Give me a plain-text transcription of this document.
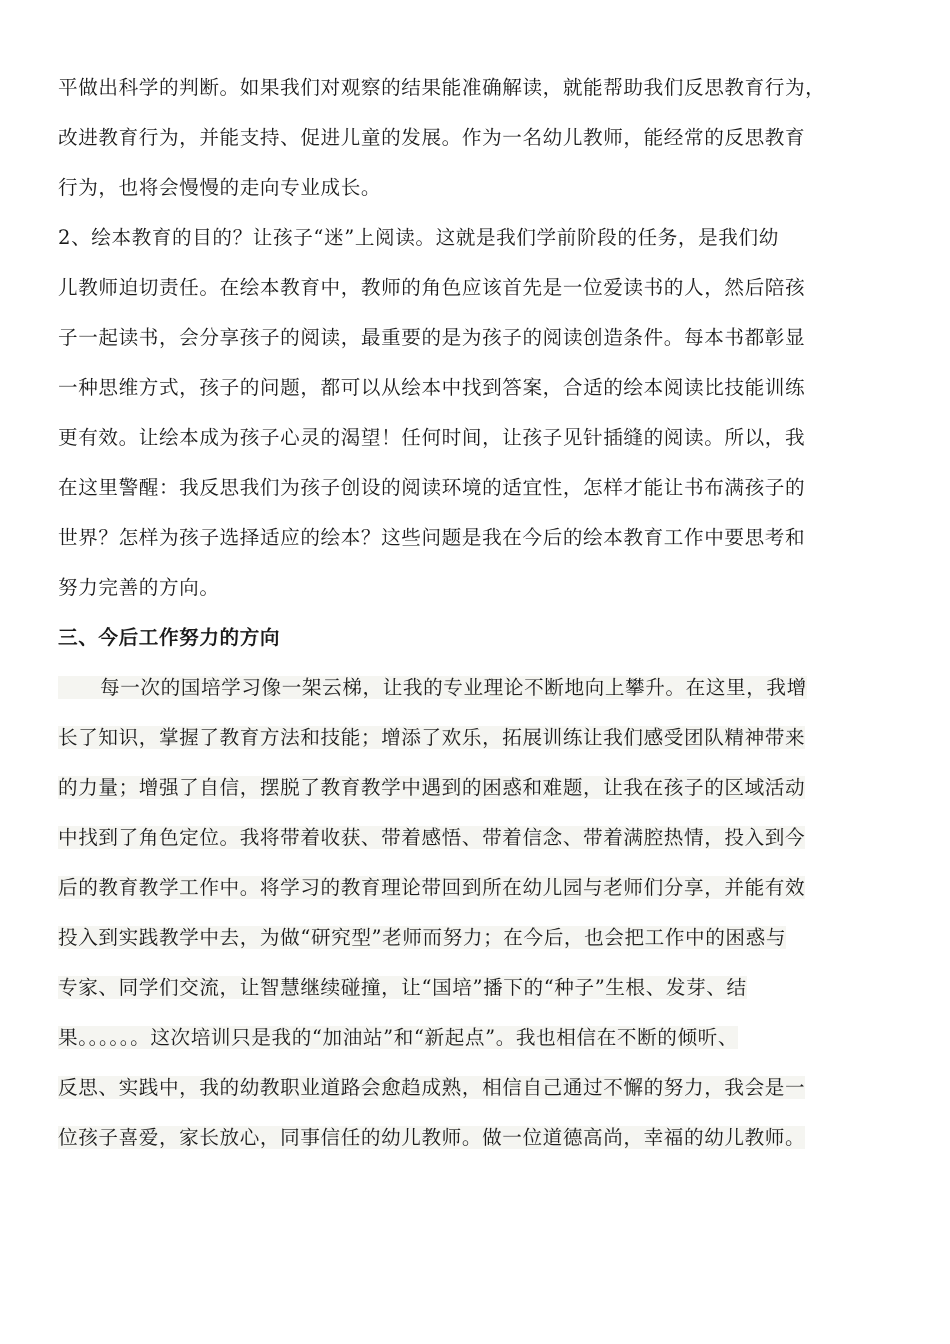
平做出科学的判断。如果我们对观察的结果能准确解读，就能帮助我们反思教育行为，
改进教育行为，并能支持、促进儿童的发展。作为一名幼儿教师，能经常的反思教育
行为，也将会慢慢的走向专业成长。
2、绘本教育的目的？让孩子“迷”上阅读。这就是我们学前阶段的任务，是我们幼
儿教师迫切责任。在绘本教育中，教师的角色应该首先是一位爱读书的人，然后陪孩
子一起读书，会分享孩子的阅读，最重要的是为孩子的阅读创造条件。每本书都彰显
一种思维方式，孩子的问题，都可以从绘本中找到答案，合适的绘本阅读比技能训练
更有效。让绘本成为孩子心灵的渴望！任何时间，让孩子见针插缝的阅读。所以，我
在这里警醒：我反思我们为孩子创设的阅读环境的适宜性，怎样才能让书布满孩子的
世界？怎样为孩子选择适应的绘本？这些问题是我在今后的绘本教育工作中要思考和
努力完善的方向。
三、今后工作努力的方向
每一次的国培学习像一架云梯，让我的专业理论不断地向上攀升。在这里，我增
长了知识，掌握了教育方法和技能；增添了欢乐，拓展训练让我们感受团队精神带来
的力量；增强了自信，摆脱了教育教学中遇到的困惑和难题，让我在孩子的区域活动
中找到了角色定位。我将带着收获、带着感悟、带着信念、带着满腔热情，投入到今
后的教育教学工作中。将学习的教育理论带回到所在幼儿园与老师们分享，并能有效
投入到实践教学中去，为做“研究型”老师而努力；在今后，也会把工作中的困惑与
专家、同学们交流，让智慧继续碰撞，让“国培”播下的“种子”生根、发芽、结
果。。。。。。这次培训只是我的“加油站”和“新起点”。我也相信在不断的倾听、
反思、实践中，我的幼教职业道路会愈趋成熟，相信自己通过不懈的努力，我会是一
位孩子喜爱，家长放心，同事信任的幼儿教师。做一位道德高尚，幸福的幼儿教师。
